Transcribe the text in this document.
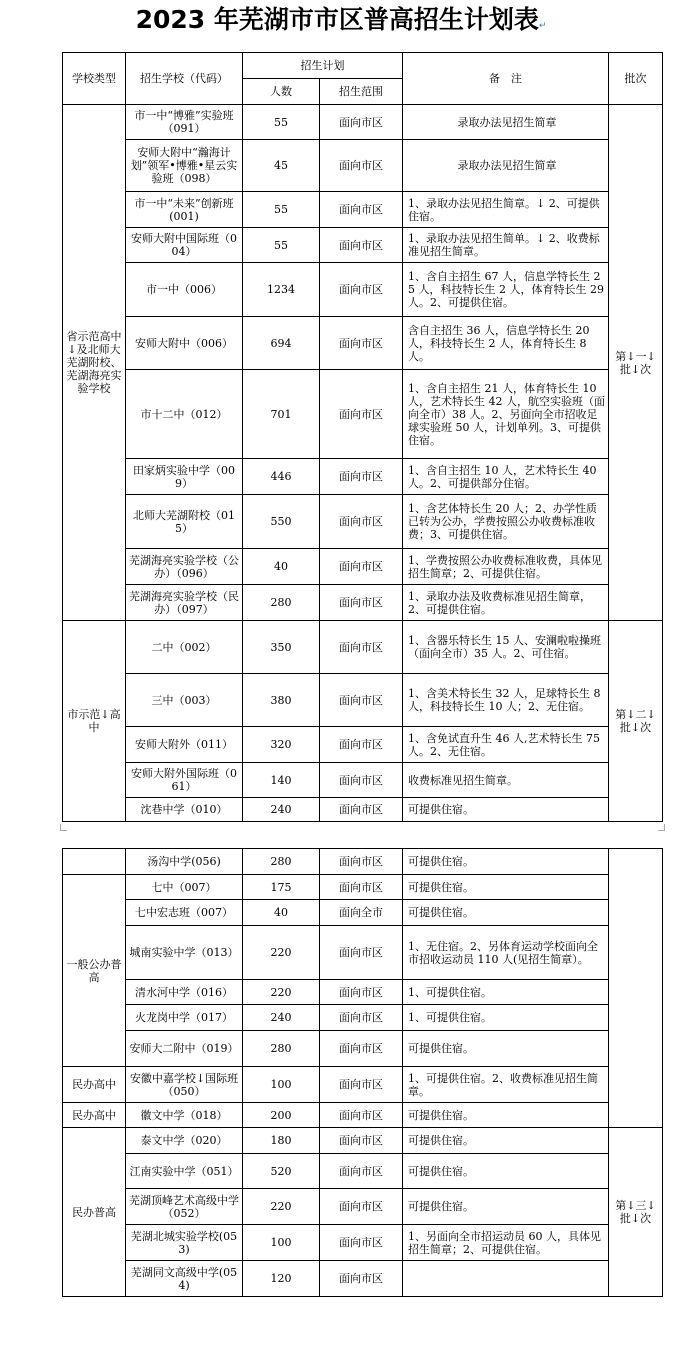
2023 年芜湖市市区普高招生计划表↵
学校类型	招生学校（代码）	招生计划		备　注	批次
		人数	招生范围		
省示范高中↓及北师大芜湖附校、芜湖海亮实验学校	市一中“博雅”实验班（091）	55	面向市区	录取办法见招生简章	第↓一↓批↓次
	安师大附中“瀚海计划”领军•博雅•星云实验班（098）	45	面向市区	录取办法见招生简章	
	市一中“未来”创新班(001)	55	面向市区	1、录取办法见招生简章。↓ 2、可提供住宿。	
	安师大附中国际班（004）	55	面向市区	1、录取办法见招生简单。↓ 2、收费标准见招生简章。	
	市一中（006）	1234	面向市区	1、含自主招生 67 人，信息学特长生 25 人，科技特长生 2 人，体育特长生 29 人。2、可提供住宿。	
	安师大附中（006）	694	面向市区	含自主招生 36 人，信息学特长生 20 人，科技特长生 2 人，体育特长生 8 人。	
	市十二中（012）	701	面向市区	1、含自主招生 21 人，体育特长生 10 人，艺术特长生 42 人，航空实验班（面向全市）38 人。2、另面向全市招收足球实验班 50 人，计划单列。3、可提供住宿。	
	田家炳实验中学（009）	446	面向市区	1、含自主招生 10 人，艺术特长生 40 人。2、可提供部分住宿。	
	北师大芜湖附校（015）	550	面向市区	1、含艺体特长生 20 人；2、办学性质已转为公办，学费按照公办收费标准收费；3、可提供住宿。	
	芜湖海亮实验学校（公办）（096）	40	面向市区	1、学费按照公办收费标准收费，具体见招生简章；2、可提供住宿。	
	芜湖海亮实验学校（民办）（097）	280	面向市区	1、录取办法及收费标准见招生简章，2、可提供住宿。	
市示范↓高中	二中（002）	350	面向市区	1、含器乐特长生 15 人、安澜啦啦操班（面向全市）35 人。2、可住宿。	第↓二↓批↓次
	三中（003）	380	面向市区	1、含美术特长生 32 人，足球特长生 8 人，科技特长生 10 人；2、无住宿。	
	安师大附外（011）	320	面向市区	1、含免试直升生 46 人,艺术特长生 75 人。2、无住宿。	
	安师大附外国际班（061）	140	面向市区	收费标准见招生简章。	
	沈巷中学（010）	240	面向市区	可提供住宿。	
	汤沟中学(056)	280	面向市区	可提供住宿。	
一般公办普高	七中（007）	175	面向市区	可提供住宿。	
	七中宏志班（007）	40	面向全市	可提供住宿。	
	城南实验中学（013）	220	面向市区	1、无住宿。2、另体育运动学校面向全市招收运动员 110 人(见招生简章）。	
	清水河中学（016）	220	面向市区	1、可提供住宿。	
	火龙岗中学（017）	240	面向市区	1、可提供住宿。	
	安师大二附中（019）	280	面向市区	可提供住宿。	
民办高中	安徽中嘉学校↓国际班（050）	100	面向市区	1、可提供住宿。2、收费标准见招生简章。	
民办高中	徽文中学（018）	200	面向市区	可提供住宿。	
民办普高	泰文中学（020）	180	面向市区	可提供住宿。	第↓三↓批↓次
	江南实验中学（051）	520	面向市区	可提供住宿。	
	芜湖顶峰艺术高级中学（052）	220	面向市区	可提供住宿。	
	芜湖北城实验学校(053)	100	面向市区	1、另面向全市招运动员 60 人，具体见招生简章；2、可提供住宿。	
	芜湖同文高级中学(054)	120	面向市区		
